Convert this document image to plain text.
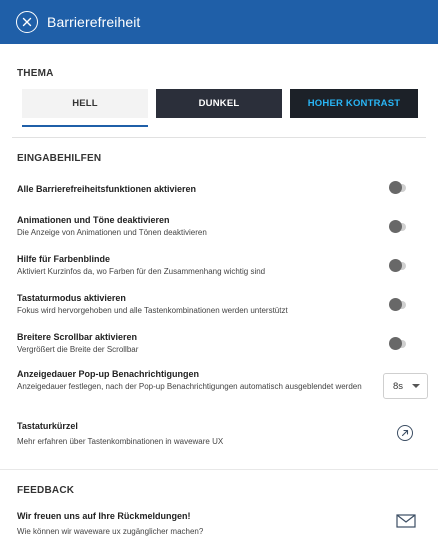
Barrierefreiheit
THEMA
HELL	DUNKEL	HOHER KONTRAST
EINGABEHILFEN
Alle Barrierefreiheitsfunktionen aktivieren
Animationen und Töne deaktivieren
Die Anzeige von Animationen und Tönen deaktivieren
Hilfe für Farbenblinde
Aktiviert Kurzinfos da, wo Farben für den Zusammenhang wichtig sind
Tastaturmodus aktivieren
Fokus wird hervorgehoben und alle Tastenkombinationen werden unterstützt
Breitere Scrollbar aktivieren
Vergrößert die Breite der Scrollbar
Anzeigedauer Pop-up Benachrichtigungen
Anzeigedauer festlegen, nach der Pop-up Benachrichtigungen automatisch ausgeblendet werden	8s
Tastaturkürzel
Mehr erfahren über Tastenkombinationen in waveware UX
FEEDBACK
Wir freuen uns auf Ihre Rückmeldungen!
Wie können wir waveware ux zugänglicher machen?
